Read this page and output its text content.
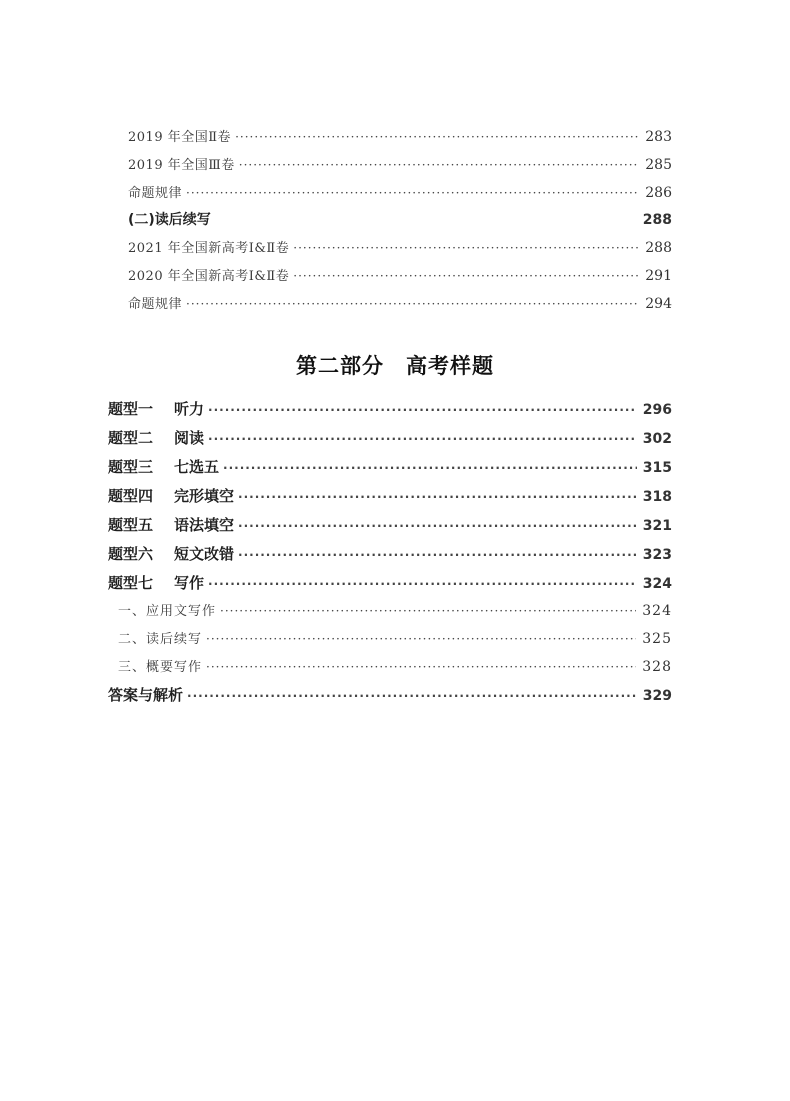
2019 年全国Ⅱ卷 ·····	283
2019 年全国Ⅲ卷 ·····	285
命题规律 ·····	286
(二)读后续写	288
2021 年全国新高考Ⅰ&Ⅱ卷 ·····	288
2020 年全国新高考Ⅰ&Ⅱ卷 ·····	291
命题规律 ·····	294
第二部分　高考样题
题型一 听力 ·····	296
题型二 阅读 ·····	302
题型三 七选五 ·····	315
题型四 完形填空 ·····	318
题型五 语法填空 ·····	321
题型六 短文改错 ·····	323
题型七 写作 ·····	324
一、应用文写作 ·····	324
二、读后续写 ·····	325
三、概要写作 ·····	328
答案与解析 ·····	329
